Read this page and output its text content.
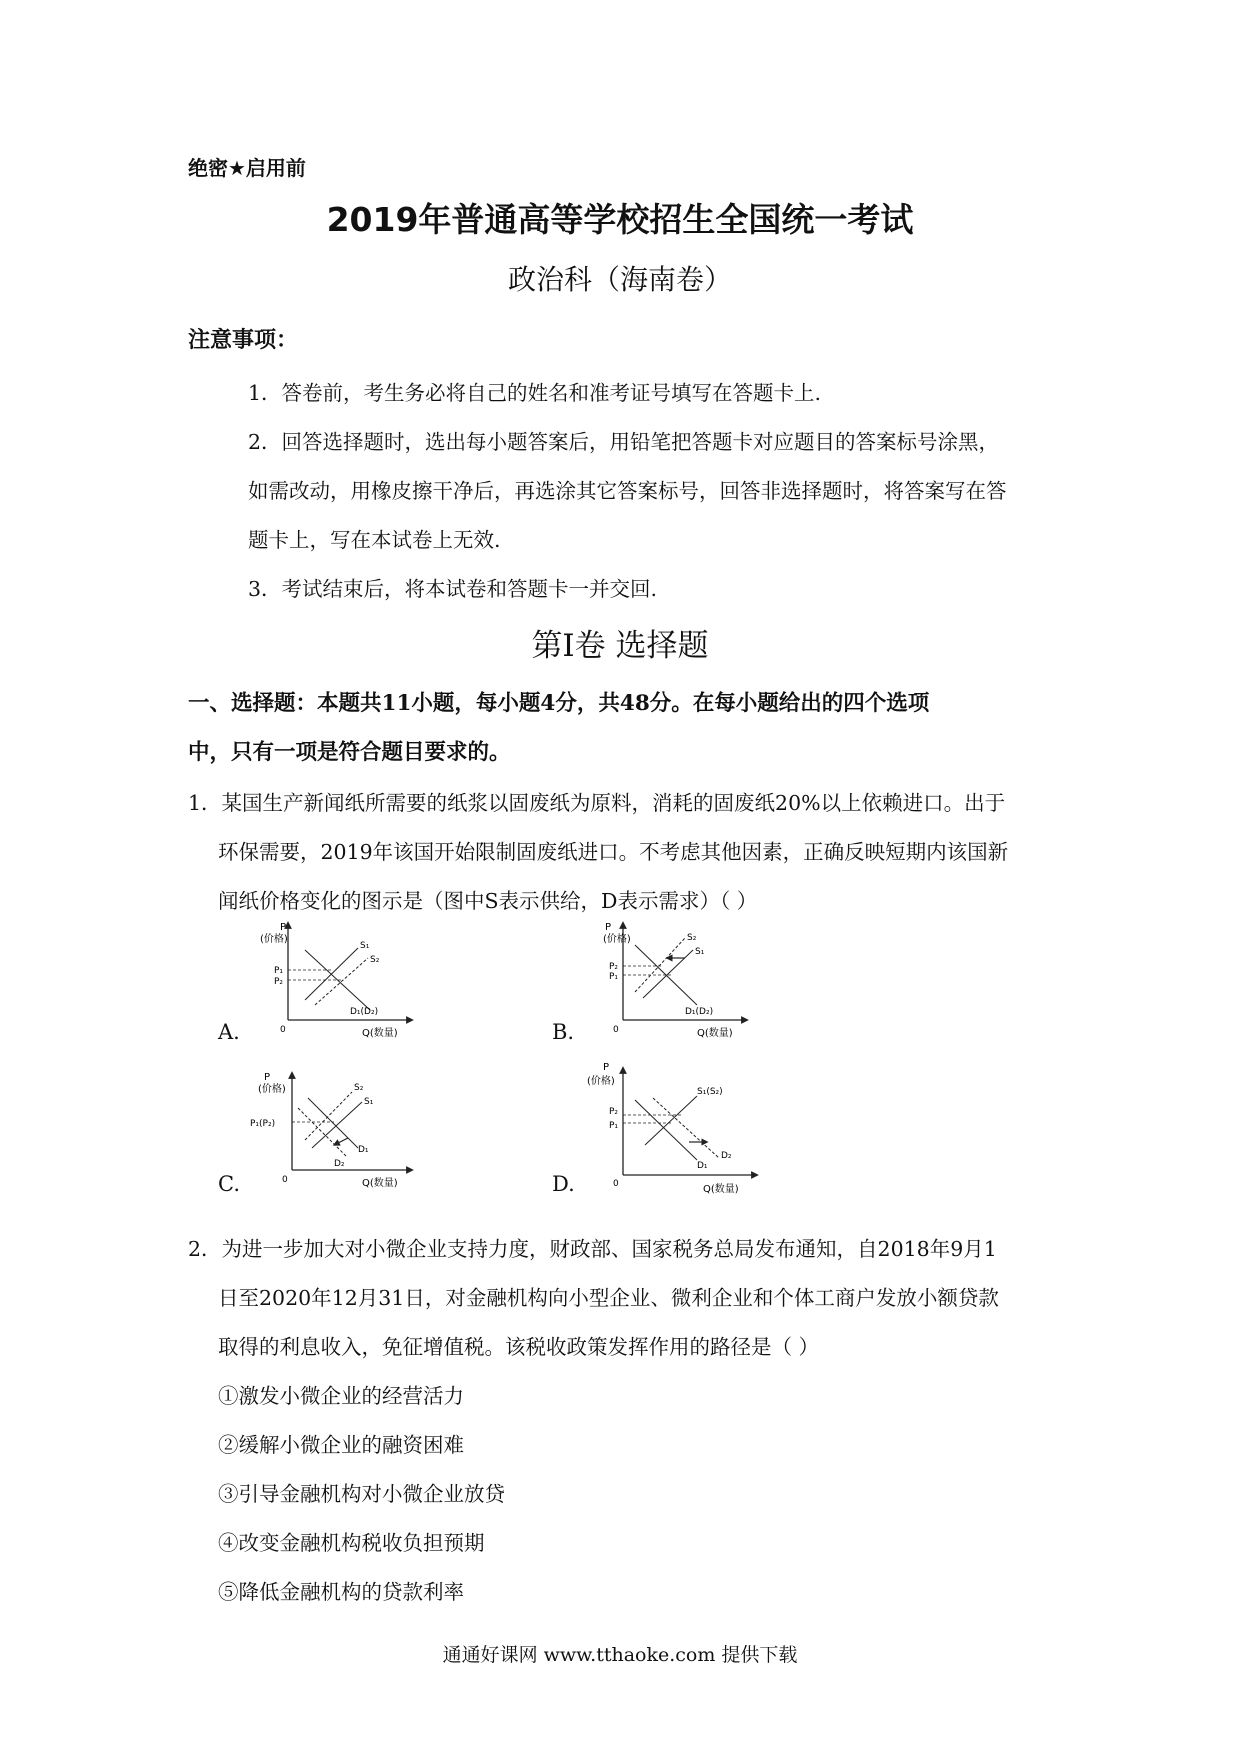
绝密★启用前
2019年普通高等学校招生全国统一考试
政治科（海南卷）
注意事项：
1．答卷前，考生务必将自己的姓名和准考证号填写在答题卡上.
2．回答选择题时，选出每小题答案后，用铅笔把答题卡对应题目的答案标号涂黑，
如需改动，用橡皮擦干净后，再选涂其它答案标号，回答非选择题时，将答案写在答
题卡上，写在本试卷上无效.
3．考试结束后，将本试卷和答题卡一并交回.
第Ⅰ卷 选择题
一、选择题：本题共11小题，每小题4分，共48分。在每小题给出的四个选项
中，只有一项是符合题目要求的。
1．某国生产新闻纸所需要的纸浆以固废纸为原料，消耗的固废纸20%以上依赖进口。出于
环保需要，2019年该国开始限制固废纸进口。不考虑其他因素，正确反映短期内该国新
闻纸价格变化的图示是（图中S表示供给，D表示需求）（ ）
A.	B.
C.	D.
P
(价格)
S₁
S₂
P₁
P₂
D₁(D₂)
0	Q(数量)
P
(价格)	S₂
S₁
P₂
P₁
D₁(D₂)
0	Q(数量)
P
(价格)	S₂
S₁
P₁(P₂)
D₁
D₂
0	Q(数量)
P
(价格)
S₁(S₂)
P₂
P₁
D₁
D₂
0	Q(数量)
2．为进一步加大对小微企业支持力度，财政部、国家税务总局发布通知，自2018年9月1
日至2020年12月31日，对金融机构向小型企业、微利企业和个体工商户发放小额贷款
取得的利息收入，免征增值税。该税收政策发挥作用的路径是（ ）
①激发小微企业的经营活力
②缓解小微企业的融资困难
③引导金融机构对小微企业放贷
④改变金融机构税收负担预期
⑤降低金融机构的贷款利率
通通好课网 www.tthaoke.com 提供下载
